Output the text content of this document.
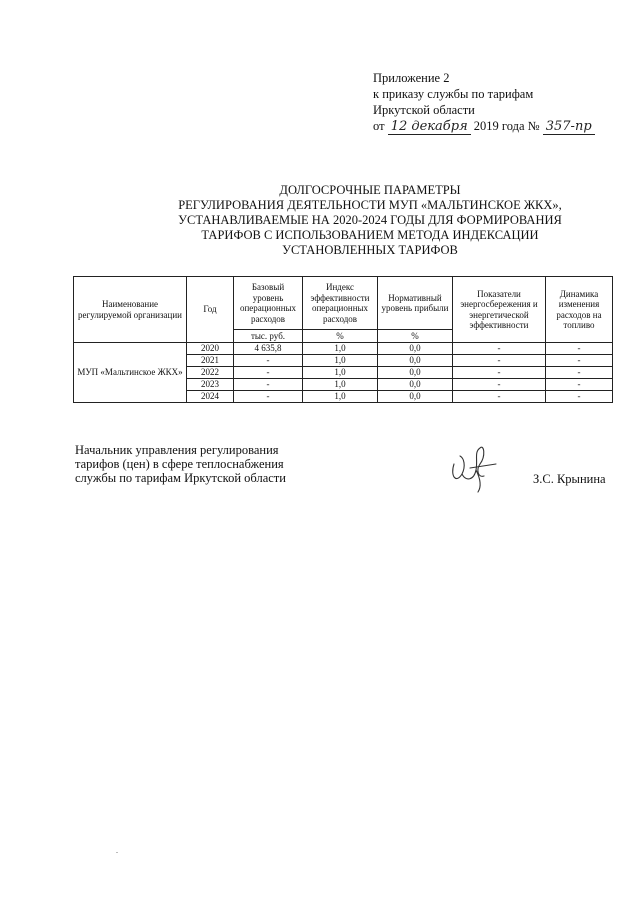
Приложение 2
к приказу службы по тарифам
Иркутской области
от 12 декабря 2019 года № 357-пр
ДОЛГОСРОЧНЫЕ ПАРАМЕТРЫ
РЕГУЛИРОВАНИЯ ДЕЯТЕЛЬНОСТИ МУП «МАЛЬТИНСКОЕ ЖКХ»,
УСТАНАВЛИВАЕМЫЕ НА 2020-2024 ГОДЫ ДЛЯ ФОРМИРОВАНИЯ
ТАРИФОВ С ИСПОЛЬЗОВАНИЕМ МЕТОДА ИНДЕКСАЦИИ
УСТАНОВЛЕННЫХ ТАРИФОВ
Наименование регулируемой организации	Год	Базовый уровень операционных расходов	Индекс эффективности операционных расходов	Нормативный уровень прибыли	Показатели энергосбережения и энергетической эффективности	Динамика изменения расходов на топливо
		тыс. руб.	%	%		
МУП «Мальтинское ЖКХ»	2020	4 635,8	1,0	0,0	-	-
	2021	-	1,0	0,0	-	-
	2022	-	1,0	0,0	-	-
	2023	-	1,0	0,0	-	-
	2024	-	1,0	0,0	-	-
Начальник управления регулирования
тарифов (цен) в сфере теплоснабжения
службы по тарифам Иркутской области	З.С. Крынина
